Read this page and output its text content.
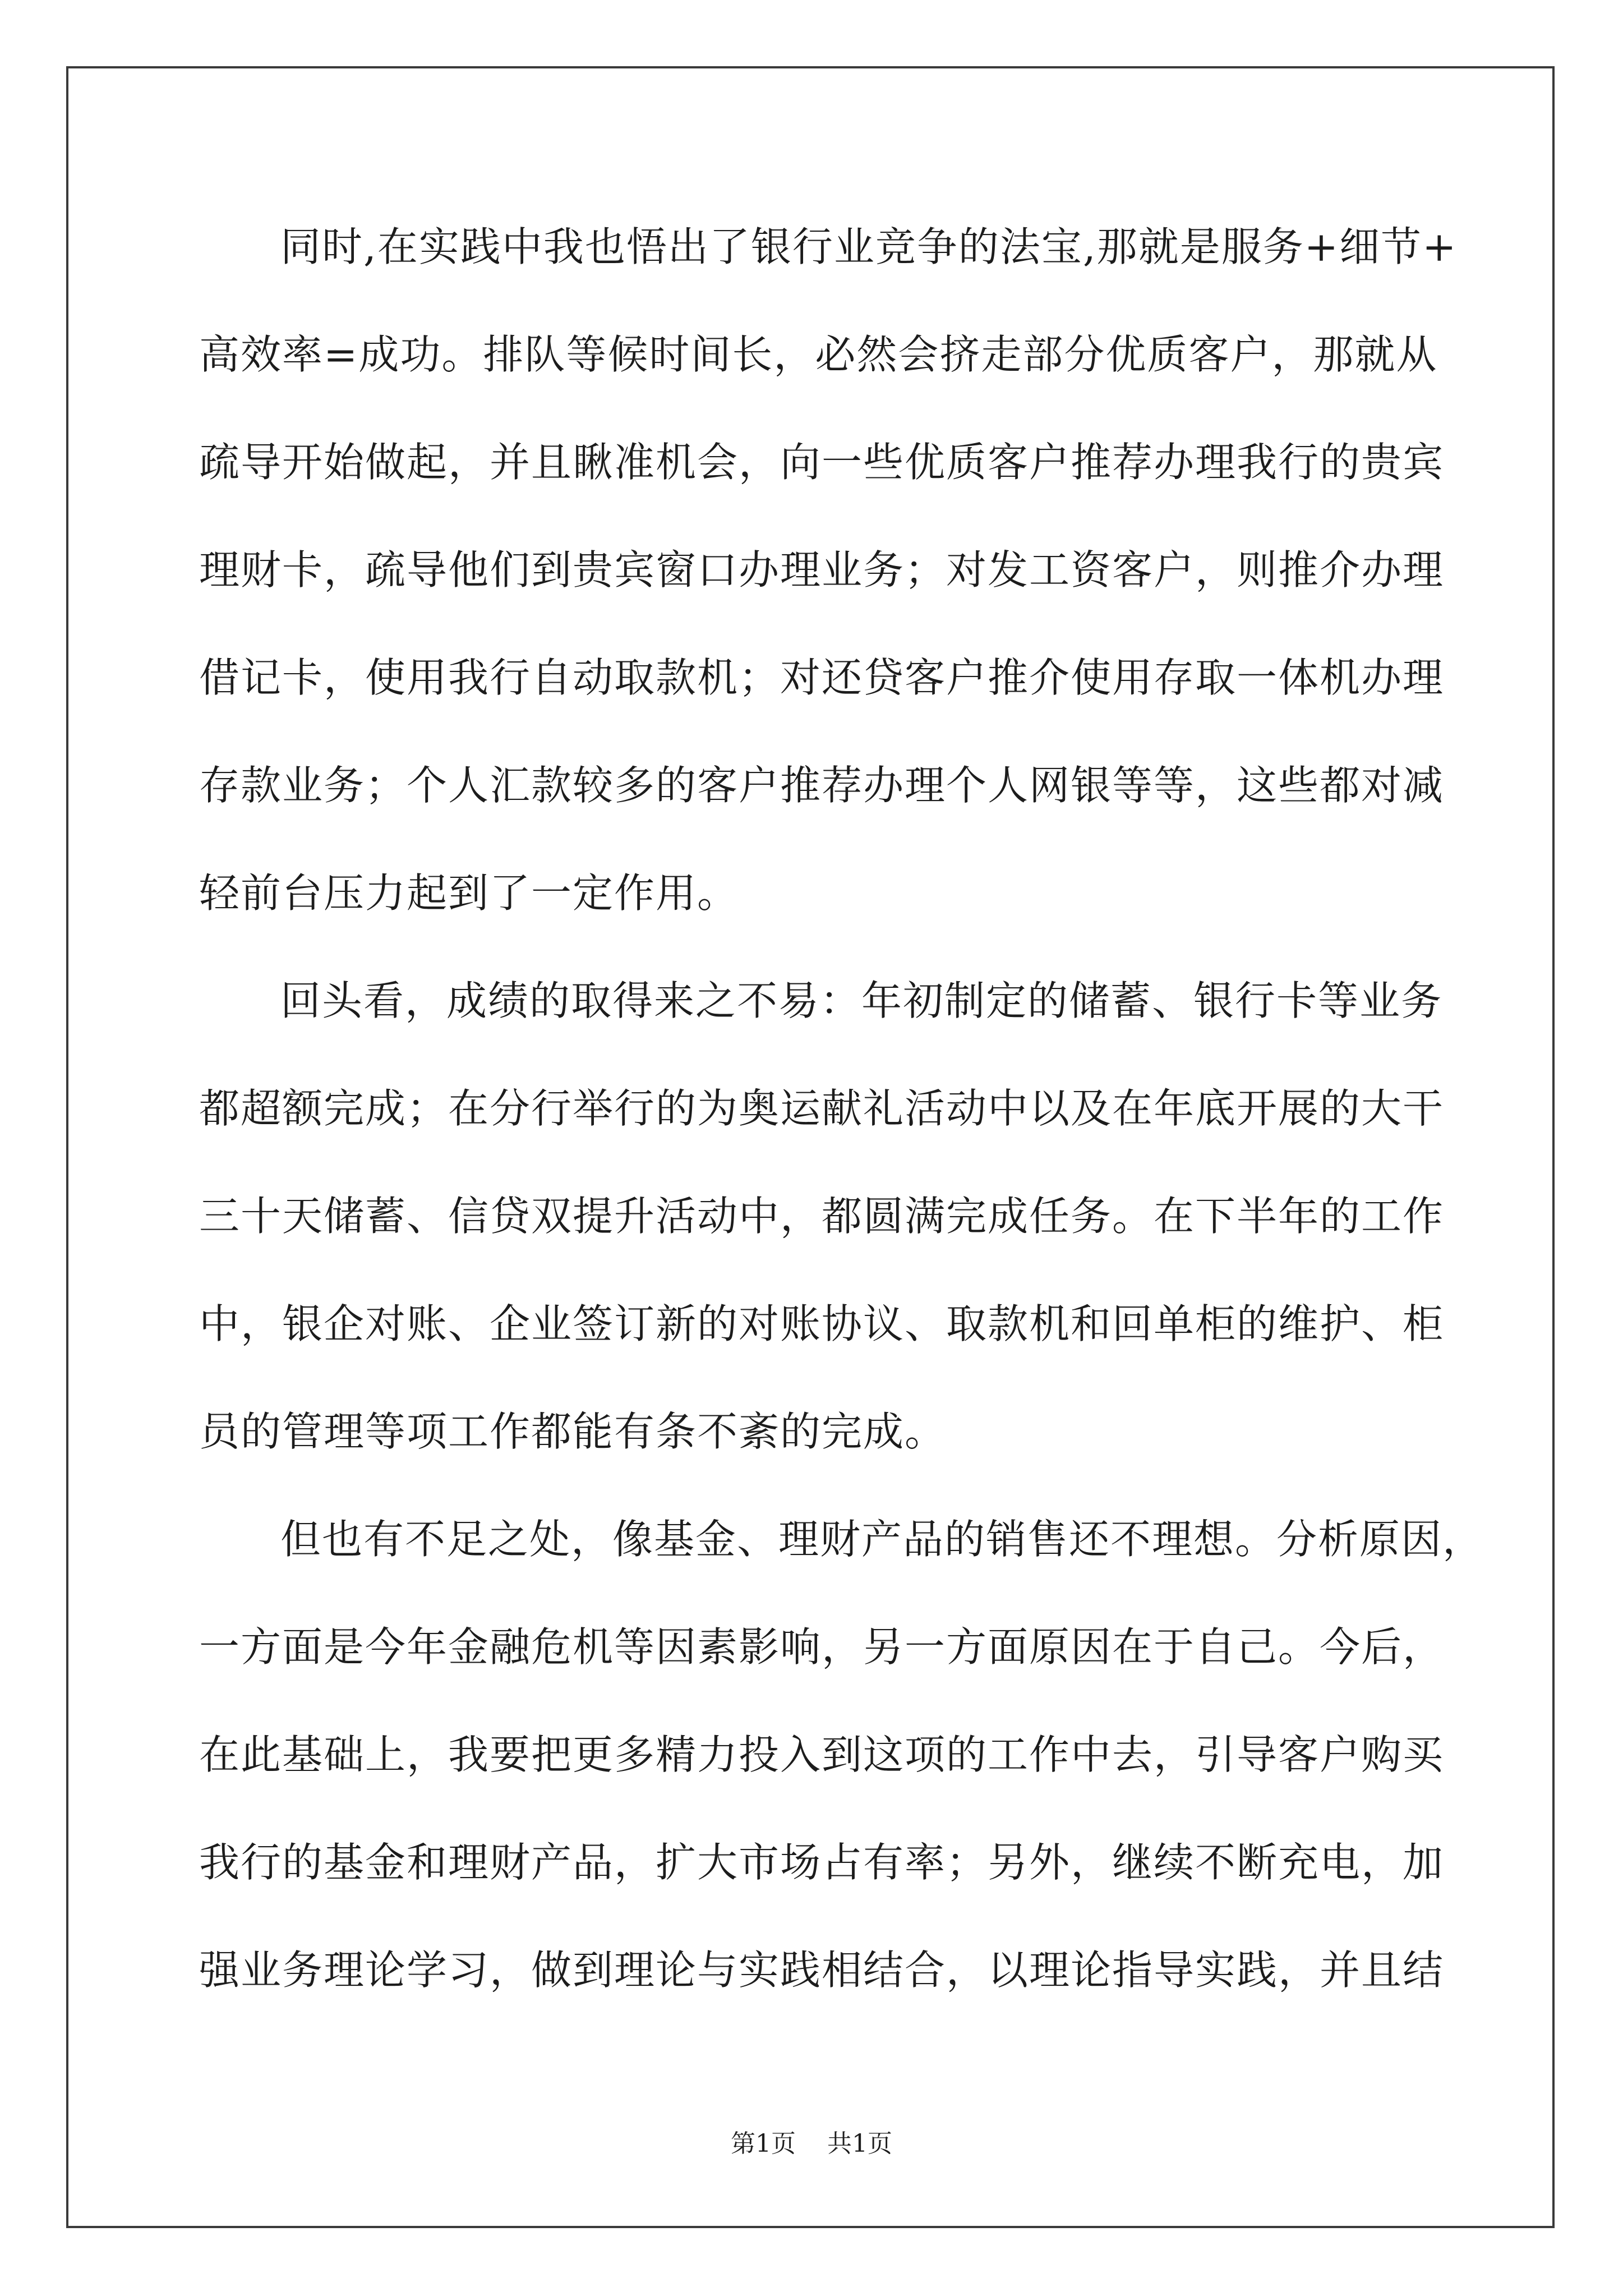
同时,在实践中我也悟出了银行业竞争的法宝,那就是服务+细节+
高效率=成功。排队等候时间长，必然会挤走部分优质客户，那就从
疏导开始做起，并且瞅准机会，向一些优质客户推荐办理我行的贵宾
理财卡，疏导他们到贵宾窗口办理业务；对发工资客户，则推介办理
借记卡，使用我行自动取款机；对还贷客户推介使用存取一体机办理
存款业务；个人汇款较多的客户推荐办理个人网银等等，这些都对减
轻前台压力起到了一定作用。
回头看，成绩的取得来之不易：年初制定的储蓄、银行卡等业务
都超额完成；在分行举行的为奥运献礼活动中以及在年底开展的大干
三十天储蓄、信贷双提升活动中，都圆满完成任务。在下半年的工作
中，银企对账、企业签订新的对账协议、取款机和回单柜的维护、柜
员的管理等项工作都能有条不紊的完成。
但也有不足之处，像基金、理财产品的销售还不理想。分析原因，
一方面是今年金融危机等因素影响，另一方面原因在于自己。今后，
在此基础上，我要把更多精力投入到这项的工作中去，引导客户购买
我行的基金和理财产品，扩大市场占有率；另外，继续不断充电，加
强业务理论学习，做到理论与实践相结合，以理论指导实践，并且结
第1页 共1页
